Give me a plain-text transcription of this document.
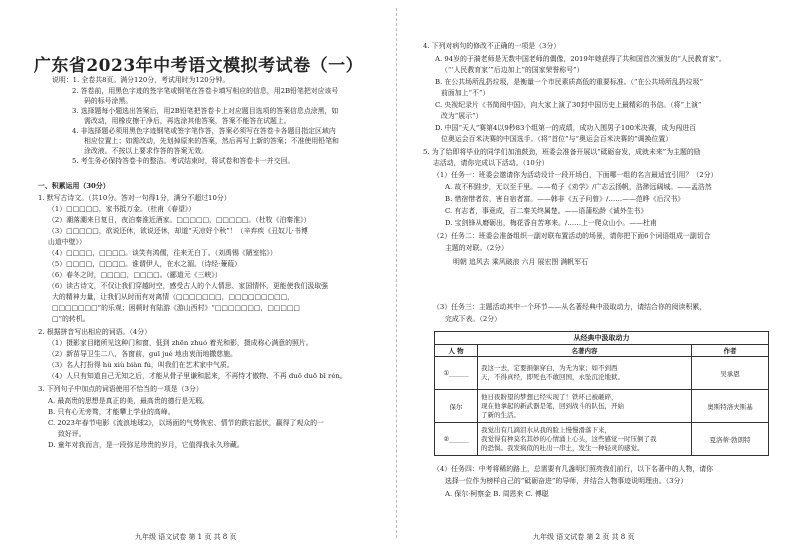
广东省2023年中考语文模拟考试卷（一）
说明：1. 全卷共8页。满分120分，考试用时为120分钟。
2. 答卷前，用黑色字迹的签字笔或钢笔在答卷卡填写相应的信息，用2B铅笔把对应该号
码的标号涂黑。
3. 选择题每小题选出答案后，用2B铅笔把答卷卡上对应题目选项的答案信息点涂黑，如
需改动，用橡皮擦干净后，再选涂其他答案，答案不能答在试题上。
4. 非选择题必须用黑色字迹钢笔或签字笔作答，答案必须写在答卷卡各题目指定区域内
相应位置上；如需改动，先划掉原来的答案，然后再写上新的答案；不准使用铅笔和
涂改液。不按以上要求作答的答案无效。
5. 考生务必保持答卷卡的整洁。考试结束时，将试卷和答卷卡一并交回。
一、积累运用（30分）
1. 默写古诗文。（共10分。答对一句得1分，满分不超过10分）
（1）□□□□□，家书抵万金。（杜甫《春望》）
（2）潮落潮来日复日，夜泊秦淮近酒家。□□□□□，□□□□□。（杜牧《泊秦淮》）
（3）□□□□□，欲说还休，欲说还休，却道“天凉好个秋”！（辛弃疾《丑奴儿·书博
山道中壁》）
（4）□□□□，□□□□。谈笑有鸿儒，往来无白丁。（刘禹锡《陋室铭》）
（5）□□□□，□□□□。谁谓伊人，在水之湄。（诗经·蒹葭）
（6）春冬之时，□□□□，□□□□。（郦道元《三峡》）
（6）读古诗文，不仅让我们穿越时空，感受古人的个人情思、家国情怀，更能使我们汲取强
大的精神力量，让我们从时而有对离情（□□□□□□□，□□□□□□□□□，
□□□□□□□”的乐观；困顿时有陆游《游山西村》“□□□□□□□，□□□□□
□”的转机。
2. 根据拼音写出相应的词语。（4分）
（1）摄影家目睹所见这种门和窗，低到 zhēn zhuó 着光和影，摄成称心满意的照片。
（2）新苗导卫生二八，各窗前，guī jué 地由衷而地撒慈施。
（3）名人打扮得 hù xiù biàn fú，叫我们在艺术家中气质。
（4）人只有知道自己无知之后，才能从骨子里谦和起来，不再恃才傲物、不再 duō duō bī rén。
3. 下列句子中加点的词语使用不恰当的一项是（3分）
A. 最高贵的思想是真正的美，最高贵的德行是无瑕。
B. 只有心无旁骛，才能攀上学业的高峰。
C. 2023年春节电影《流浪地球2》，以场面的气势恢宏、情节的跌宕起伏，赢得了观众的一
致好评。
D. 童年对我而言，是一段弥足珍贵的岁月，它值得我永久珍藏。
九年级 语文试卷 第 1 页 共 8 页
4. 下列对病句的修改不正确的一项是（3分）
A. 94岁的于漪老师是无数中国老师的偶像，2019年她获得了共和国首次颁发的“人民教育家”。
（“‘人民教育家’”后边加上“的国家荣誉称号”）
B. 在公共场所乱扔垃圾，是衡量一个市民素质高低的重要标准。（“在公共场所乱扔垃圾”
前面加上“不”）
C. 央视纪录片《书简阅中国》，向大家上演了30封中国历史上最精彩的书信。（将“上演”
改为“展示”）
D. 中国“天人”赛第4以9秒83个组第一的成绩，成功入围男子100米决赛，成为闯进百
位奥运会百米决赛的中国选手。（将“首位”与“奥运会百米决赛的”调换位置）
5. 为了给即将毕业的同学们加油鼓劲，班委会准备开展以“砥砺奋发，成就未来”为主题的励
志活动，请你完成以下活动。（10分）
（1）任务一：班委会邀请你为活动设计一段开场白，下面哪一组的名言最适宜引用？（2分）
A. 故不积跬步，无以至千里。——荀子《劝学》/广志云扬帆，浩渺远阔城。——孟浩然
B. 惜宿惜者贫，害自宿者富。——韩非《五子问曾》/……——范晔《后汉书》
C. 有志者，事竟成，百二秦关终属楚。——语蒲松龄《诚外生书》
D. 宝剑锋从磨砺出，梅花香自苦寒来。/……上一爬众山小。——杜甫
（2）任务二：班委会准备组织一副对联布置活动的场景，请你把下面6个词语组成一副切合
主题的对联。（2分）
明朝 追风去 乘风破浪 六月 展宏图 满帆军石
（3）任务三：主题活动其中一个环节——从名著经典中汲取动力，请结合你的阅读积累，
完成下表。（2分）
从经典中汲取动力		
人 物	名著内容	作者
①______	我这一去，定要捐躯穿白，为无为家；如不到西
天，不得真经，即死也不敢回国，永坠沉沦地狱。	吴承恩
保尔	他日夜盼望的梦想已经实现了！铁环已被砸碎，
现在他拿起的新武器是笔，回到战斗的队伍，开始
了新的生活。	奥斯特洛夫斯基
②______	我觉出有几滴泪水从我的脸上慢慢滑落下来，
我觉得有种莫名其妙的心情涌上心头，这些感觉一时压倒了我
的恐惧。我发疯似的吐出一串土，发生一种轻灵的感觉。	夏洛蒂·勃朗特
（4）任务四：中考将稀的路上，总需要有几盏明灯照亮我们前行，以下名著中的人物，请你
选择一位作为榜样自己的“砥砺奋进”的导师，并结合人物事迹说明理由。（3分）
A. 保尔·柯察金 B. 周恩来 C. 傅聪
九年级 语文试卷 第 2 页 共 8 页
